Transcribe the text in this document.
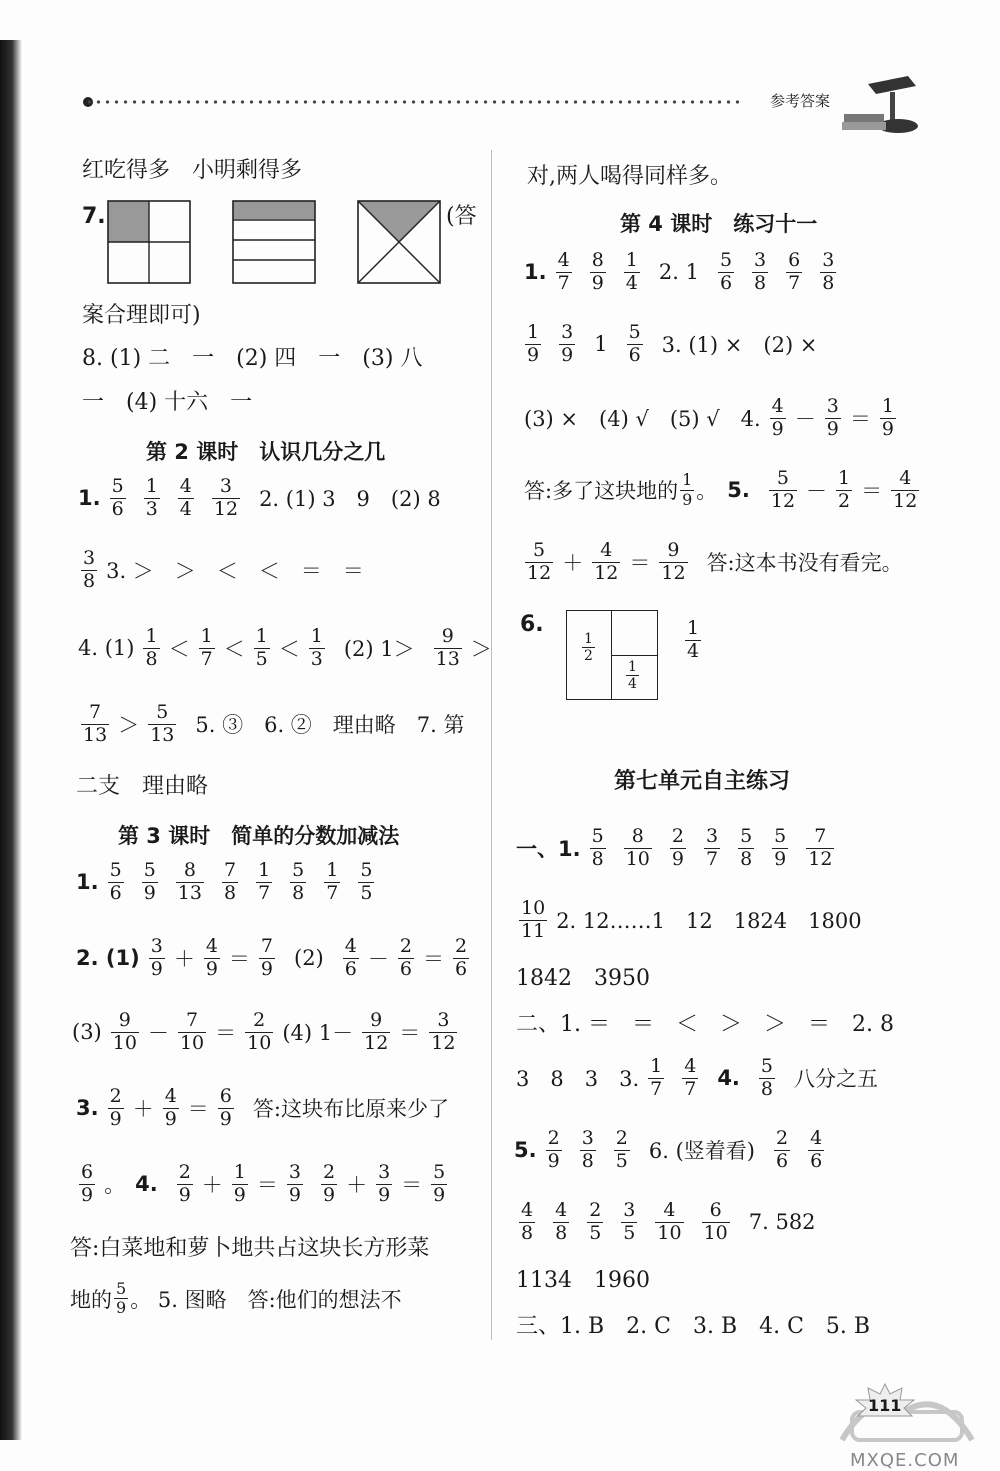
参考答案
红吃得多　小明剩得多
7.	(答
案合理即可)
8. (1) 二　一　(2) 四　一　(3) 八
一　(4) 十六　一
第 2 课时　认识几分之几
1.
5
6
1
3
4
4
3
12 2. (1) 3　9　(2) 8
3
8 3. ＞　＞　＜　＜　＝　＝
4. (1)
1
8 ＜
1
7 ＜
1
5 ＜
1
3 (2) 1＞
9
13 ＞
7
13 ＞
5
13 5. ③　6. ②　理由略　7. 第
二支　理由略
第 3 课时　简单的分数加减法
1.
5
6
5
9
8
13
7
8
1
7
5
8
1
7
5
5
2. (1)
3
9 ＋
4
9 ＝
7
9 (2)
4
6 －
2
6 ＝
2
6
(3)
9
10 －
7
10 ＝
2
10 (4) 1－
9
12 ＝
3
12
3.
2
9 ＋
4
9 ＝
6
9 答:这块布比原来少了
6
9 。 4.
2
9 ＋
1
9 ＝
3
9
2
9 ＋
3
9 ＝
5
9
答:白菜地和萝卜地共占这块长方形菜
地的 5
9 。 5. 图略　答:他们的想法不
对,两人喝得同样多。
第 4 课时　练习十一
1.
4
7
8
9
1
4 2. 1
5
6
3
8
6
7
3
8
1
9
3
9 1
5
6 3. (1) ×　(2) ×
(3) ×　(4) √　(5) √　4.
4
9 －
3
9 ＝
1
9
答:多了这块地的 1
9 。 5.
5
12 －
1
2 ＝
4
12
5
12 ＋
4
12 ＝
9
12 答:这本书没有看完。
6.
1
2
1
4
1
4
第七单元自主练习
一、1.
5
8
8
10
2
9
3
7
5
8
5
9
7
12
10
11 2. 12……1　12　1824　1800
1842　3950
二、1. ＝　＝　＜　＞　＞　＝　2. 8
3　8　3　3.
1
7
4
7 4.
5
8 八分之五
5.
2
9
3
8
2
5 6. (竖着看)
2
6
4
6
4
8
4
8
2
5
3
5
4
10
6
10 7. 582
1134　1960
三、1. B　2. C　3. B　4. C　5. B
111
MXQE.COM
